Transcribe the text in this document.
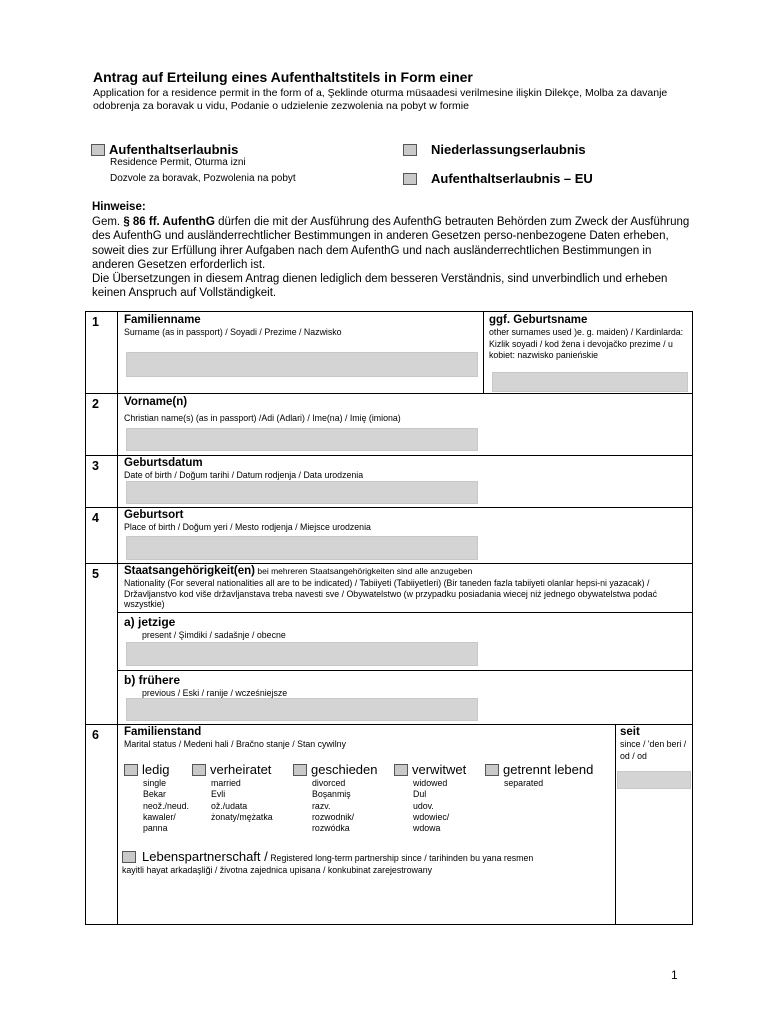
Antrag auf Erteilung eines Aufenthaltstitels in Form einer
Application for a residence permit in the form of a, Şeklinde oturma müsaadesi verilmesine ilişkin Dilekçe, Molba za davanje odobrenja za boravak u vidu, Podanie o udzielenie zezwolenia na pobyt w formie
Aufenthaltserlaubnis
Residence Permit, Oturma izni
Dozvole za boravak, Pozwolenia na pobyt
Niederlassungserlaubnis
Aufenthaltserlaubnis – EU
Hinweise:
Gem. § 86 ff. AufenthG dürfen die mit der Ausführung des AufenthG betrauten Behörden zum Zweck der Ausführung des AufenthG und ausländerrechtlicher Bestimmungen in anderen Gesetzen perso-nenbezogene Daten erheben, soweit dies zur Erfüllung ihrer Aufgaben nach dem AufenthG und nach ausländerrechtlichen Bestimmungen in anderen Gesetzen erforderlich ist.
Die Übersetzungen in diesem Antrag dienen lediglich dem besseren Verständnis, sind unverbindlich und erheben keinen Anspruch auf Vollständigkeit.
1 Familienname
Surname (as in passport) / Soyadi / Prezime / Nazwisko
ggf. Geburtsname
other surnames used )e. g. maiden) / Kardinlarda: Kizlik soyadi / kod žena i devojačko prezime / u kobiet: nazwisko panieńskie
2 Vorname(n)
Christian name(s) (as in passport) /Adi (Adlari) / Ime(na) / Imię (imiona)
3 Geburtsdatum
Date of birth / Doğum tarihi / Datum rodjenja / Data urodzenia
4 Geburtsort
Place of birth / Doğum yeri / Mesto rodjenja / Miejsce urodzenia
5 Staatsangehörigkeit(en) bei mehreren Staatsangehörigkeiten sind alle anzugeben
Nationality (For several nationalities all are to be indicated) / Tabiiyeti (Tabiiyetleri) (Bir taneden fazla tabiiyeti olanlar hepsi-ni yazacak) / Državljanstvo kod više državljanstava treba navesti sve / Obywatelstwo (w przypadku posiadania wiecej niż jednego obywatelstwa podać wszystkie)
a) jetzige
present / Şimdiki / sadašnje / obecne
b) frühere
previous / Eski / ranije / wcześniejsze
6 Familienstand
Marital status / Medeni hali / Bračno stanje / Stan cywilny
seit
since / 'den beri / od / od
ledig
single
Bekar
neož./neud.
kawaler/
panna
verheiratet
married
Evli
ož./udata
żonaty/mężatka
geschieden
divorced
Boşanmiş
razv.
rozwodnik/
rozwódka
verwitwet
widowed
Dul
udov.
wdowiec/
wdowa
getrennt lebend
separated
Lebenspartnerschaft / Registered long-term partnership since / tarihinden bu yana resmen
kayitli hayat arkadaşliği / životna zajednica upisana / konkubinat zarejestrowany
1
